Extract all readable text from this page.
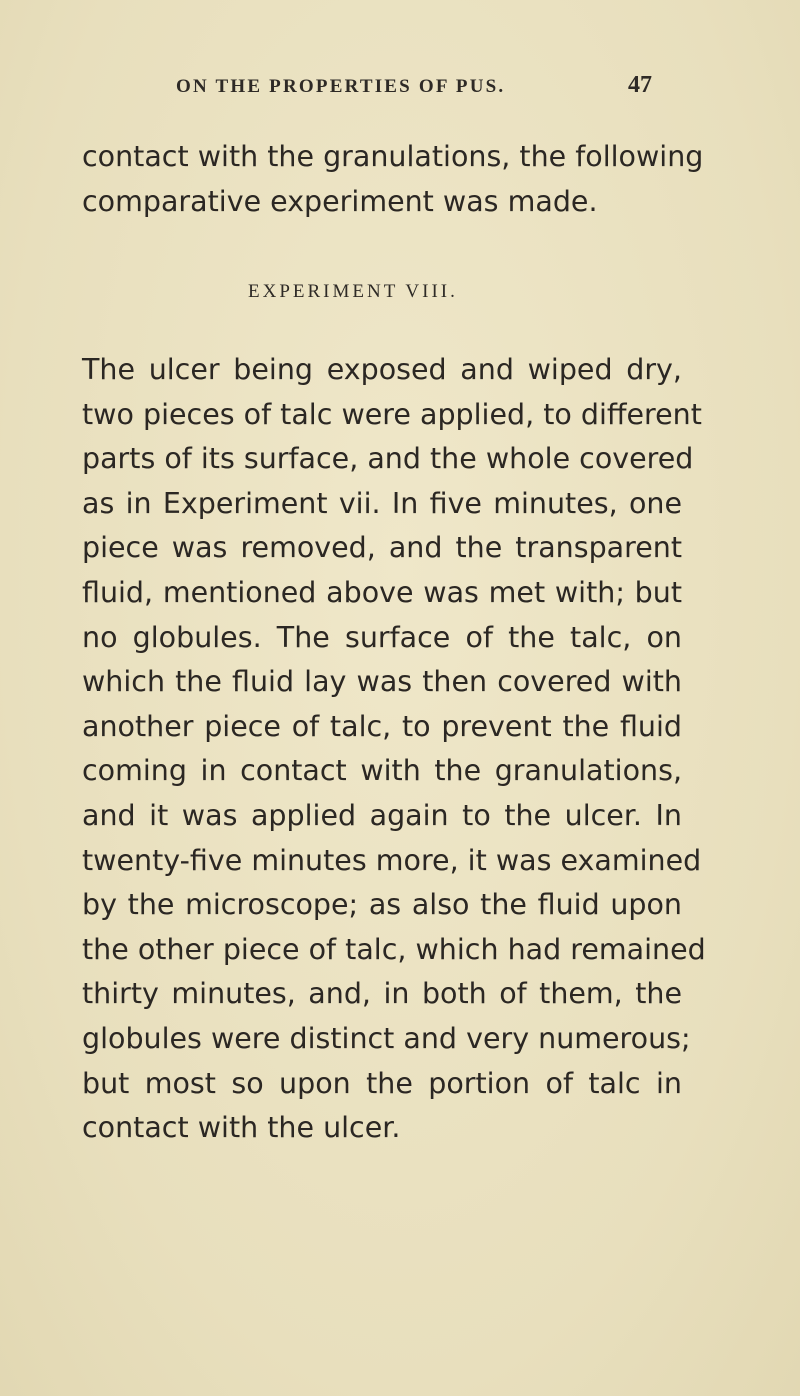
ON THE PROPERTIES OF PUS.	47
contact with the granulations, the following
comparative experiment was made.
EXPERIMENT VIII.
The ulcer being exposed and wiped dry,
two pieces of talc were applied, to different
parts of its surface, and the whole covered
as in Experiment vii. In five minutes, one
piece was removed, and the transparent
fluid, mentioned above was met with; but
no globules. The surface of the talc, on
which the fluid lay was then covered with
another piece of talc, to prevent the fluid
coming in contact with the granulations,
and it was applied again to the ulcer. In
twenty-five minutes more, it was examined
by the microscope; as also the fluid upon
the other piece of talc, which had remained
thirty minutes, and, in both of them, the
globules were distinct and very numerous;
but most so upon the portion of talc in
contact with the ulcer.
